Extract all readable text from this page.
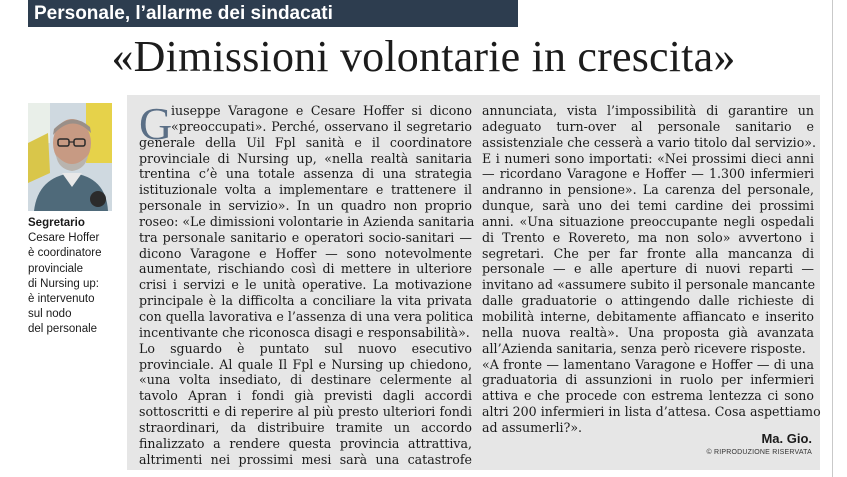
Personale, l’allarme dei sindacati
«Dimissioni volontarie in crescita»
Segretario
Cesare Hoffer
è coordinatore
provinciale
di Nursing up:
è intervenuto
sul nodo
del personale
G
iuseppe Varagone e Cesare Hoffer si dicono
«preoccupati». Perché, osservano il segretario
generale della Uil Fpl sanità e il coordinatore
provinciale di Nursing up, «nella realtà sanitaria
trentina c’è una totale assenza di una strategia
istituzionale volta a implementare e trattenere il
personale in servizio». In un quadro non proprio
roseo: «Le dimissioni volontarie in Azienda sanitaria
tra personale sanitario e operatori socio-sanitari —
dicono Varagone e Hoffer — sono notevolmente
aumentate, rischiando così di mettere in ulteriore
crisi i servizi e le unità operative. La motivazione
principale è la difficolta a conciliare la vita privata
con quella lavorativa e l’assenza di una vera politica
incentivante che riconosca disagi e responsabilità».
Lo sguardo è puntato sul nuovo esecutivo
provinciale. Al quale Il Fpl e Nursing up chiedono,
«una volta insediato, di destinare celermente al
tavolo Apran i fondi già previsti dagli accordi
sottoscritti e di reperire al più presto ulteriori fondi
straordinari, da distribuire tramite un accordo
finalizzato a rendere questa provincia attrattiva,
altrimenti nei prossimi mesi sarà una catastrofe
annunciata, vista l’impossibilità di garantire un
adeguato turn-over al personale sanitario e
assistenziale che cesserà a vario titolo dal servizio».
E i numeri sono importati: «Nei prossimi dieci anni
— ricordano Varagone e Hoffer — 1.300 infermieri
andranno in pensione». La carenza del personale,
dunque, sarà uno dei temi cardine dei prossimi
anni. «Una situazione preoccupante negli ospedali
di Trento e Rovereto, ma non solo» avvertono i
segretari. Che per far fronte alla mancanza di
personale — e alle aperture di nuovi reparti —
invitano ad «assumere subito il personale mancante
dalle graduatorie o attingendo dalle richieste di
mobilità interne, debitamente affiancato e inserito
nella nuova realtà». Una proposta già avanzata
all’Azienda sanitaria, senza però ricevere risposte.
«A fronte — lamentano Varagone e Hoffer — di una
graduatoria di assunzioni in ruolo per infermieri
attiva e che procede con estrema lentezza ci sono
altri 200 infermieri in lista d’attesa. Cosa aspettiamo
ad assumerli?».
Ma. Gio.
© RIPRODUZIONE RISERVATA
